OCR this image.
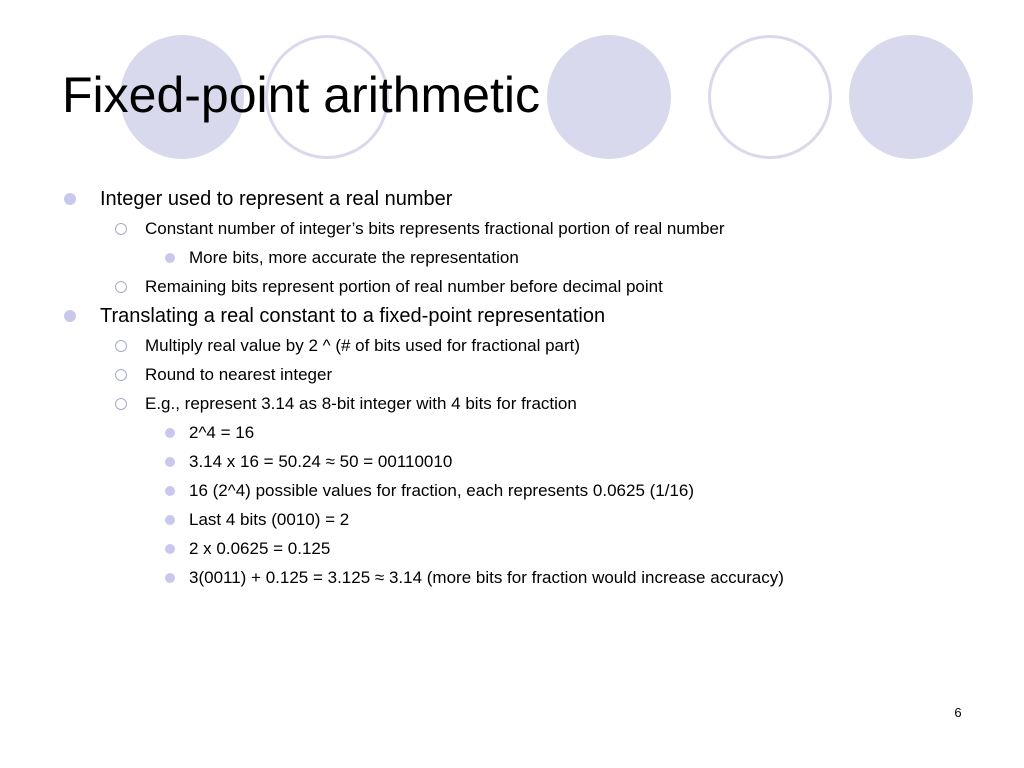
Fixed-point arithmetic
Integer used to represent a real number
Constant number of integer’s bits represents fractional portion of real number
More bits, more accurate the representation
Remaining bits represent portion of real number before decimal point
Translating a real constant to a fixed-point representation
Multiply real value by 2 ^ (# of bits used for fractional part)
Round to nearest integer
E.g., represent 3.14 as 8-bit integer with 4 bits for fraction
2^4 = 16
3.14 x 16 = 50.24 ≈ 50 = 00110010
16 (2^4) possible values for fraction, each represents 0.0625 (1/16)
Last 4 bits (0010) = 2
2 x 0.0625 = 0.125
3(0011) + 0.125 = 3.125 ≈ 3.14 (more bits for fraction would increase accuracy)
6
